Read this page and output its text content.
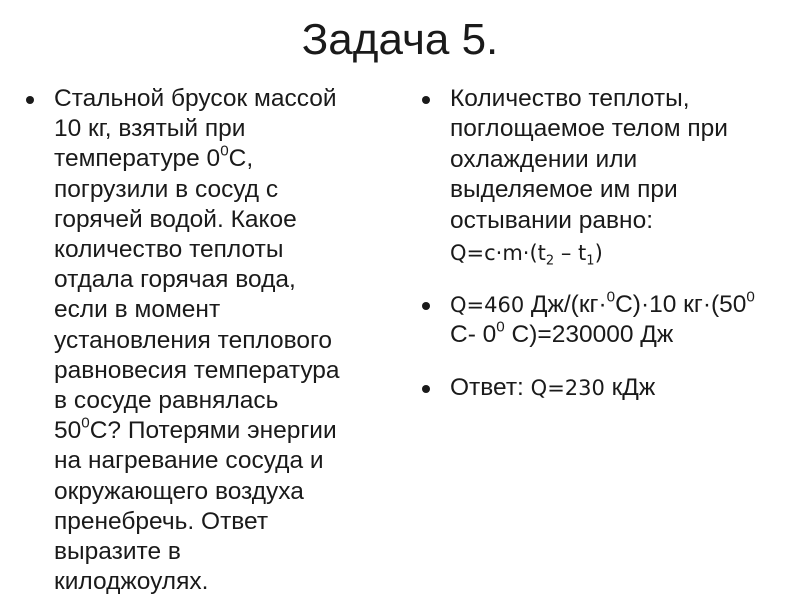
Задача 5.
Стальной брусок массой
10 кг, взятый при
температуре $0^0С$,
погрузили в сосуд с
горячей водой. Какое
количество теплоты
отдала горячая вода,
если в момент
установления теплового
равновесия температура
в сосуде равнялась
$50^0С$? Потерями энергии
на нагревание сосуда и
окружающего воздуха
пренебречь. Ответ
выразите в
килоджоулях.
Количество теплоты,
поглощаемое телом при
охлаждении или
выделяемое им при
остывании равно:
$Q=c\cdot m\cdot(t_2 - t_1)$
Q=460 Дж/(кг·$^0$С)·10 $кг\cdot(50^0$
С- $0^0$ С)=230000 Дж
Ответ: Q=230 кДж
